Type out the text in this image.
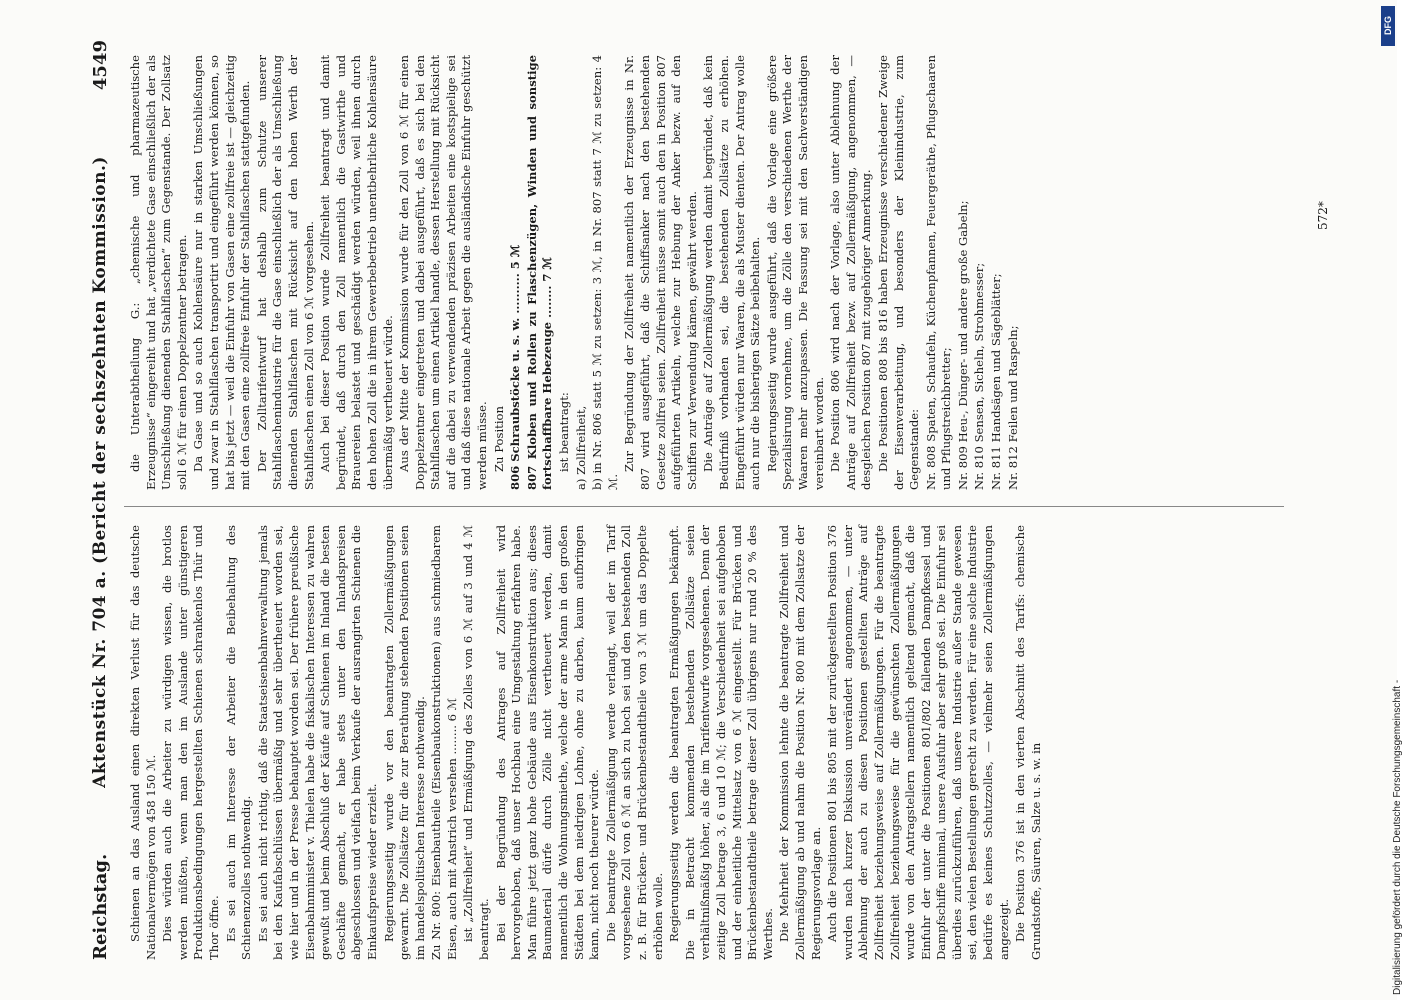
Reichstag.
Aktenstück Nr. 704 a. (Bericht der sechszehnten Kommission.)
4549

Schienen an das Ausland einen direkten Verlust für das deutsche Nationalvermögen von 458 150 ℳ. Dies würden auch die Arbeiter zu würdigen wissen, die brotlos werden müßten, wenn man den im Auslande unter günstigeren Produktionsbedingungen hergestellten Schienen schrankenlos Thür und Thor öffne. Es sei auch im Interesse der Arbeiter die Beibehaltung des Schienenzolles nothwendig. Es sei auch nicht richtig, daß die Staatseisenbahnverwaltung jemals bei den Kaufabschlüssen übermäßig und sehr übertheuert worden sei, wie hier und in der Presse behauptet worden sei. Der frühere preußische Eisenbahnminister v. Thielen habe die fiskalischen Interessen zu wahren gewußt und beim Abschluß der Käufe auf Schienen im Inland die besten Geschäfte gemacht, er habe stets unter den Inlandspreisen abgeschlossen und vielfach beim Verkaufe der ausrangirten Schienen die Einkaufspreise wieder erzielt. Regierungsseitig wurde vor den beantragten Zollermäßigungen gewarnt. Die Zollsätze für die zur Berathung stehenden Positionen seien im handelspolitischen Interesse nothwendig. Zu Nr. 800: Eisenbautheile (Eisenbaukonstruktionen) aus schmiedbarem Eisen, auch mit Anstrich versehen ........ 6 ℳ ist „Zollfreiheit“ und Ermäßigung des Zolles von 6 ℳ auf 3 und 4 ℳ beantragt. Bei der Begründung des Antrages auf Zollfreiheit wird hervorgehoben, daß unser Hochbau eine Umgestaltung erfahren habe. Man führe jetzt ganz hohe Gebäude aus Eisenkonstruktion aus; dieses Baumaterial dürfe durch Zölle nicht vertheuert werden, damit namentlich die Wohnungsmiethe, welche der arme Mann in den großen Städten bei dem niedrigen Lohne, ohne zu darben, kaum aufbringen kann, nicht noch theurer würde. Die beantragte Zollermäßigung werde verlangt, weil der im Tarif vorgesehene Zoll von 6 ℳ an sich zu hoch sei und den bestehenden Zoll z. B. für Brücken- und Brückenbestandtheile von 3 ℳ um das Doppelte erhöhen wolle. Regierungsseitig werden die beantragten Ermäßigungen bekämpft. Die in Betracht kommenden bestehenden Zollsätze seien verhältnißmäßig höher, als die im Tarifentwurfe vorgesehenen. Denn der zeitige Zoll betrage 3, 6 und 10 ℳ; die Verschiedenheit sei aufgehoben und der einheitliche Mittelsatz von 6 ℳ eingestellt. Für Brücken und Brückenbestandtheile betrage dieser Zoll übrigens nur rund 20 % des Werthes. Die Mehrheit der Kommission lehnte die beantragte Zollfreiheit und Zollermäßigung ab und nahm die Position Nr. 800 mit dem Zollsatze der Regierungsvorlage an. Auch die Positionen 801 bis 805 mit der zurückgestellten Position 376 wurden nach kurzer Diskussion unverändert angenommen, — unter Ablehnung der auch zu diesen Positionen gestellten Anträge auf Zollfreiheit beziehungsweise auf Zollermäßigungen. Für die beantragte Zollfreiheit beziehungsweise für die gewünschten Zollermäßigungen wurde von den Antragstellern namentlich geltend gemacht, daß die Einfuhr der unter die Positionen 801/802 fallenden Dampfkessel und Dampfschiffe minimal, unsere Ausfuhr aber sehr groß sei. Die Einfuhr sei überdies zurückzuführen, daß unsere Industrie außer Stande gewesen sei, den vielen Bestellungen gerecht zu werden. Für eine solche Industrie bedürfe es keines Schutzzolles, — vielmehr seien Zollermäßigungen angezeigt. Die Position 376 ist in den vierten Abschnitt des Tarifs: chemische Grundstoffe, Säuren, Salze u. s. w. in

die Unterabtheilung G.: „chemische und pharmazeutische Erzeugnisse“ eingereiht und hat „verdichtete Gase einschließlich der als Umschließung dienenden Stahlflaschen“ zum Gegenstande. Der Zollsatz soll 6 ℳ für einen Doppelzentner betragen. Da Gase und so auch Kohlensäure nur in starken Umschließungen und zwar in Stahlflaschen transportirt und eingeführt werden können, so hat bis jetzt — weil die Einfuhr von Gasen eine zollfreie ist — gleichzeitig mit den Gasen eine zollfreie Einfuhr der Stahlflaschen stattgefunden. Der Zolltarifentwurf hat deshalb zum Schutze unserer Stahlflaschenindustrie für die Gase einschließlich der als Umschließung dienenden Stahlflaschen mit Rücksicht auf den hohen Werth der Stahlflaschen einen Zoll von 6 ℳ vorgesehen. Auch bei dieser Position wurde Zollfreiheit beantragt und damit begründet, daß durch den Zoll namentlich die Gastwirthe und Brauereien belastet und geschädigt werden würden, weil ihnen durch den hohen Zoll die in ihrem Gewerbebetrieb unentbehrliche Kohlensäure übermäßig vertheuert würde. Aus der Mitte der Kommission wurde für den Zoll von 6 ℳ für einen Doppelzentner eingetreten und dabei ausgeführt, daß es sich bei den Stahlflaschen um einen Artikel handle, dessen Herstellung mit Rücksicht auf die dabei zu verwendenden präzisen Arbeiten eine kostspielige sei und daß diese nationale Arbeit gegen die ausländische Einfuhr geschützt werden müsse. Zu Position 806 Schraubstöcke u. s. w. .......... 5 ℳ 807 Kloben und Rollen zu Flaschenzügen, Winden und sonstige fortschaffbare Hebezeuge ........ 7 ℳ ist beantragt: a) Zollfreiheit, b) in Nr. 806 statt 5 ℳ zu setzen: 3 ℳ, in Nr. 807 statt 7 ℳ zu setzen: 4 ℳ.

Zur Begründung der Zollfreiheit namentlich der Erzeugnisse in Nr. 807 wird ausgeführt, daß die Schiffsanker nach den bestehenden Gesetze zollfrei seien. Zollfreiheit müsse somit auch den in Position 807 aufgeführten Artikeln, welche zur Hebung der Anker bezw. auf den Schiffen zur Verwendung kämen, gewährt werden. Die Anträge auf Zollermäßigung werden damit begründet, daß kein Bedürfniß vorhanden sei, die bestehenden Zollsätze zu erhöhen. Eingeführt würden nur Waaren, die als Muster dienten. Der Antrag wolle auch nur die bisherigen Sätze beibehalten. Regierungsseitig wurde ausgeführt, daß die Vorlage eine größere Spezialisirung vornehme, um die Zölle den verschiedenen Werthe der Waaren mehr anzupassen. Die Fassung sei mit den Sachverständigen vereinbart worden. Die Position 806 wird nach der Vorlage, also unter Ablehnung der Anträge auf Zollfreiheit bezw. auf Zollermäßigung, angenommen, — desgleichen Position 807 mit zugehöriger Anmerkung. Die Positionen 808 bis 816 haben Erzeugnisse verschiedener Zweige der Eisenverarbeitung, und besonders der Kleinindustrie, zum Gegenstande: Nr. 808 Spaten, Schaufeln, Küchenpfannen, Feuergeräthe, Pflugschaaren und Pflugstreichbretter; Nr. 809 Heu-, Dünger- und andere große Gabeln; Nr. 810 Sensen, Sicheln, Strohmesser; Nr. 811 Handsägen und Sägeblätter; Nr. 812 Feilen und Raspeln;

572*
DFG
Digitalisierung gefördert durch die Deutsche Forschungsgemeinschaft -
